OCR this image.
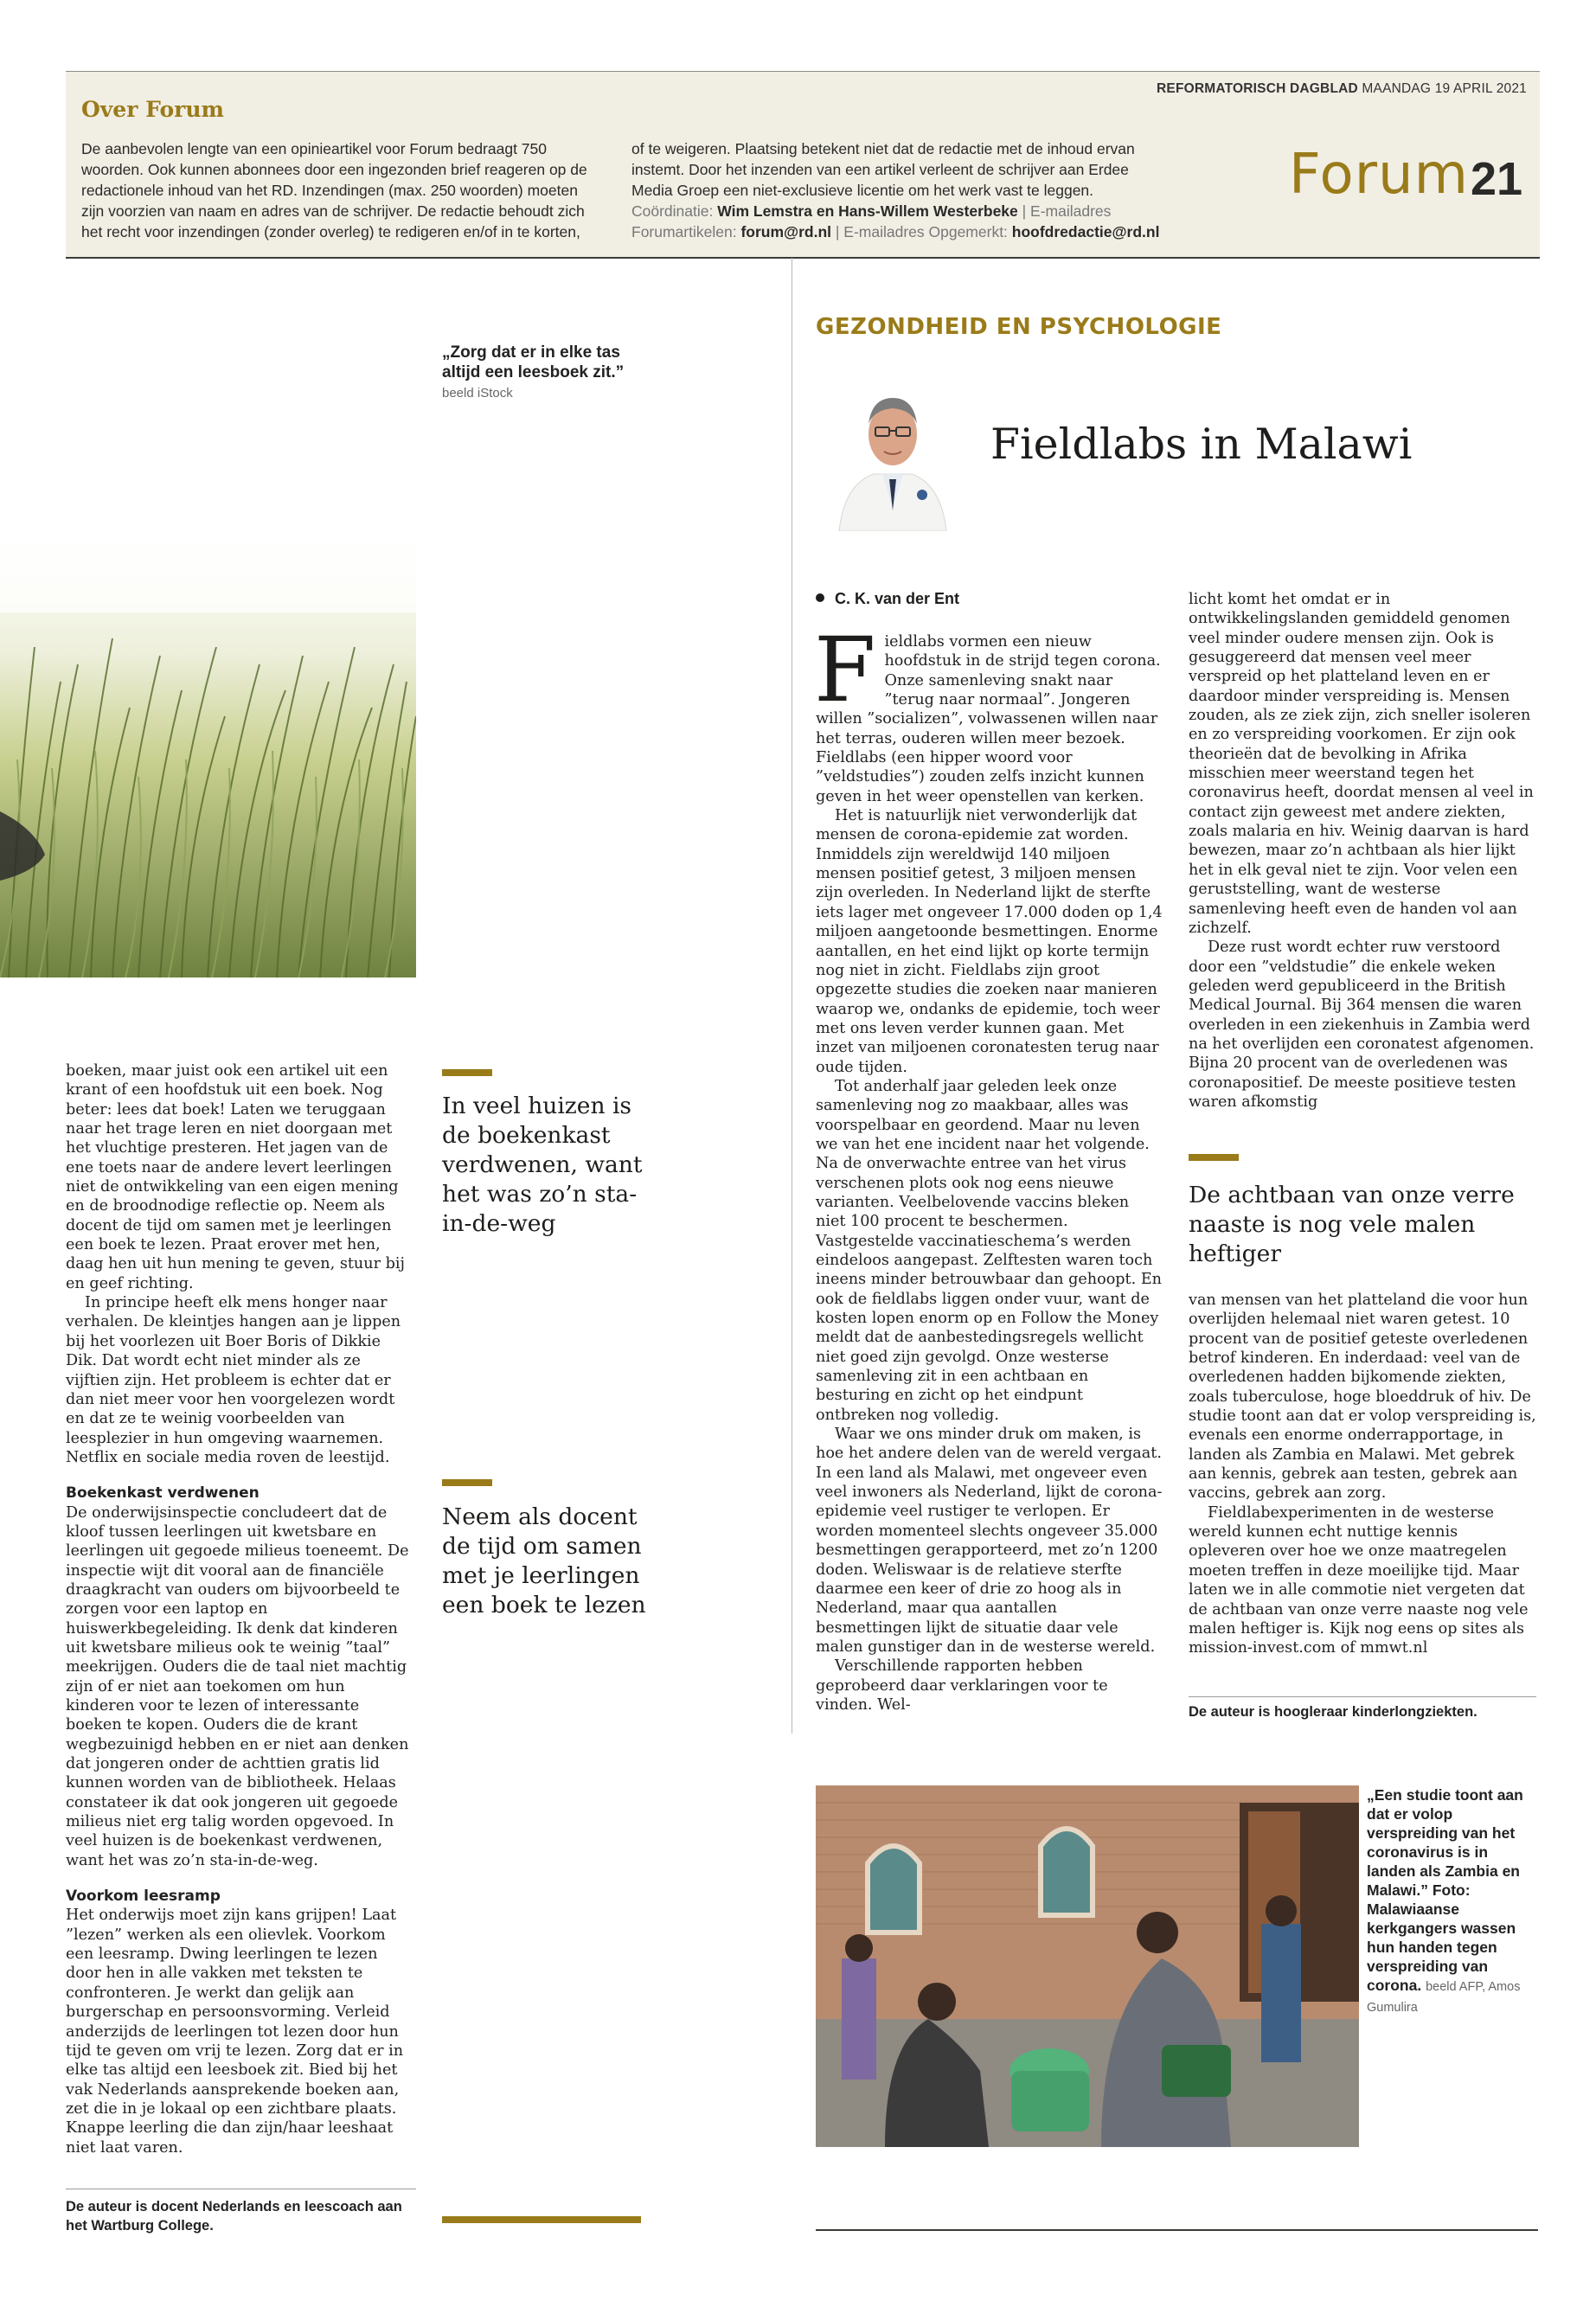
Over Forum

De aanbevolen lengte van een opinieartikel voor Forum bedraagt 750

woorden. Ook kunnen abonnees door een ingezonden brief reageren op de

redactionele inhoud van het RD. Inzendingen (max. 250 woorden) moeten

zijn voorzien van naam en adres van de schrijver. De redactie behoudt zich

het recht voor inzendingen (zonder overleg) te redigeren en/of in te korten,

of te weigeren. Plaatsing betekent niet dat de redactie met de inhoud ervan

instemt. Door het inzenden van een artikel verleent de schrijver aan Erdee

Media Groep een niet-exclusieve licentie om het werk vast te leggen.

Coördinatie: Wim Lemstra en Hans-Willem Westerbeke | E-mailadres

Forumartikelen: forum@rd.nl | E-mailadres Opgemerkt: hoofdredactie@rd.nl

REFORMATORISCH DAGBLAD MAANDAG 19 APRIL 2021
Forum 21
„Zorg dat er in elke tas altijd een leesboek zit.” beeld iStock

boeken, maar juist ook een artikel uit een krant of een hoofdstuk uit een boek. Nog beter: lees dat boek! Laten we teruggaan naar het trage leren en niet doorgaan met het vluchtige presteren. Het jagen van de ene toets naar de andere levert leerlingen niet de ontwikkeling van een eigen mening en de broodnodige reflectie op. Neem als docent de tijd om samen met je leerlingen een boek te lezen. Praat erover met hen, daag hen uit hun mening te geven, stuur bij en geef richting.

In principe heeft elk mens honger naar verhalen. De kleintjes hangen aan je lippen bij het voorlezen uit Boer Boris of Dikkie Dik. Dat wordt echt niet minder als ze vijftien zijn. Het probleem is echter dat er dan niet meer voor hen voorgelezen wordt en dat ze te weinig voorbeelden van leesplezier in hun omgeving waarnemen. Netflix en sociale media roven de leestijd.

Boekenkast verdwenen

De onderwijsinspectie concludeert dat de kloof tussen leerlingen uit kwetsbare en leerlingen uit gegoede milieus toeneemt. De inspectie wijt dit vooral aan de financiële draagkracht van ouders om bijvoorbeeld te zorgen voor een laptop en huiswerkbegeleiding. Ik denk dat kinderen uit kwetsbare milieus ook te weinig ”taal” meekrijgen. Ouders die de taal niet machtig zijn of er niet aan toekomen om hun kinderen voor te lezen of interessante boeken te kopen. Ouders die de krant wegbezuinigd hebben en er niet aan denken dat jongeren onder de achttien gratis lid kunnen worden van de bibliotheek. Helaas constateer ik dat ook jongeren uit gegoede milieus niet erg talig worden opgevoed. In veel huizen is de boekenkast verdwenen, want het was zo’n sta-in-de-weg.

Voorkom leesramp

Het onderwijs moet zijn kans grijpen! Laat ”lezen” werken als een olievlek. Voorkom een leesramp. Dwing leerlingen te lezen door hen in alle vakken met teksten te confronteren. Je werkt dan gelijk aan burgerschap en persoonsvorming. Verleid anderzijds de leerlingen tot lezen door hun tijd te geven om vrij te lezen. Zorg dat er in elke tas altijd een leesboek zit. Bied bij het vak Nederlands aansprekende boeken aan, zet die in je lokaal op een zichtbare plaats. Knappe leerling die dan zijn/haar leeshaat niet laat varen.

De auteur is docent Nederlands en leescoach aan het Wartburg College.
In veel huizen is de boekenkast verdwenen, want het was zo’n sta-in-de-weg
Neem als docent de tijd om samen met je leerlingen een boek te lezen
GEZONDHEID EN PSYCHOLOGIE
Fieldlabs in Malawi
C. K. van der Ent

Fieldlabs vormen een nieuw hoofdstuk in de strijd tegen corona. Onze samenleving snakt naar ”terug naar normaal”. Jongeren willen ”socializen”, volwassenen willen naar het terras, ouderen willen meer bezoek. Fieldlabs (een hipper woord voor ”veldstudies”) zouden zelfs inzicht kunnen geven in het weer openstellen van kerken.

Het is natuurlijk niet verwonderlijk dat mensen de corona-epidemie zat worden. Inmiddels zijn wereldwijd 140 miljoen mensen positief getest, 3 miljoen mensen zijn overleden. In Nederland lijkt de sterfte iets lager met ongeveer 17.000 doden op 1,4 miljoen aangetoonde besmettingen. Enorme aantallen, en het eind lijkt op korte termijn nog niet in zicht. Fieldlabs zijn groot opgezette studies die zoeken naar manieren waarop we, ondanks de epidemie, toch weer met ons leven verder kunnen gaan. Met inzet van miljoenen coronatesten terug naar oude tijden.

Tot anderhalf jaar geleden leek onze samenleving nog zo maakbaar, alles was voorspelbaar en geordend. Maar nu leven we van het ene incident naar het volgende. Na de onverwachte entree van het virus verschenen plots ook nog eens nieuwe varianten. Veelbelovende vaccins bleken niet 100 procent te beschermen. Vastgestelde vaccinatieschema’s werden eindeloos aangepast. Zelftesten waren toch ineens minder betrouwbaar dan gehoopt. En ook de fieldlabs liggen onder vuur, want de kosten lopen enorm op en Follow the Money meldt dat de aanbestedingsregels wellicht niet goed zijn gevolgd. Onze westerse samenleving zit in een achtbaan en besturing en zicht op het eindpunt ontbreken nog volledig.

Waar we ons minder druk om maken, is hoe het andere delen van de wereld vergaat. In een land als Malawi, met ongeveer even veel inwoners als Nederland, lijkt de corona-epidemie veel rustiger te verlopen. Er worden momenteel slechts ongeveer 35.000 besmettingen gerapporteerd, met zo’n 1200 doden. Weliswaar is de relatieve sterfte daarmee een keer of drie zo hoog als in Nederland, maar qua aantallen besmettingen lijkt de situatie daar vele malen gunstiger dan in de westerse wereld.

Verschillende rapporten hebben geprobeerd daar verklaringen voor te vinden. Wel-

licht komt het omdat er in ontwikkelingslanden gemiddeld genomen veel minder oudere mensen zijn. Ook is gesuggereerd dat mensen veel meer verspreid op het platteland leven en er daardoor minder verspreiding is. Mensen zouden, als ze ziek zijn, zich sneller isoleren en zo verspreiding voorkomen. Er zijn ook theorieën dat de bevolking in Afrika misschien meer weerstand tegen het coronavirus heeft, doordat mensen al veel in contact zijn geweest met andere ziekten, zoals malaria en hiv. Weinig daarvan is hard bewezen, maar zo’n achtbaan als hier lijkt het in elk geval niet te zijn. Voor velen een geruststelling, want de westerse samenleving heeft even de handen vol aan zichzelf.

Deze rust wordt echter ruw verstoord door een ”veldstudie” die enkele weken geleden werd gepubliceerd in the British Medical Journal. Bij 364 mensen die waren overleden in een ziekenhuis in Zambia werd na het overlijden een coronatest afgenomen. Bijna 20 procent van de overledenen was coronapositief. De meeste positieve testen waren afkomstig

De achtbaan van onze verre naaste is nog vele malen heftiger

van mensen van het platteland die voor hun overlijden helemaal niet waren getest. 10 procent van de positief geteste overledenen betrof kinderen. En inderdaad: veel van de overledenen hadden bijkomende ziekten, zoals tuberculose, hoge bloeddruk of hiv. De studie toont aan dat er volop verspreiding is, evenals een enorme onderrapportage, in landen als Zambia en Malawi. Met gebrek aan kennis, gebrek aan testen, gebrek aan vaccins, gebrek aan zorg.

Fieldlabexperimenten in de westerse wereld kunnen echt nuttige kennis opleveren over hoe we onze maatregelen moeten treffen in deze moeilijke tijd. Maar laten we in alle commotie niet vergeten dat de achtbaan van onze verre naaste nog vele malen heftiger is. Kijk nog eens op sites als mission-invest.com of mmwt.nl

De auteur is hoogleraar kinderlongziekten.
„Een studie toont aan dat er volop verspreiding van het coronavirus is in landen als Zambia en Malawi.” Foto: Malawiaanse kerkgangers wassen hun handen tegen verspreiding van corona. beeld AFP, Amos Gumulira
